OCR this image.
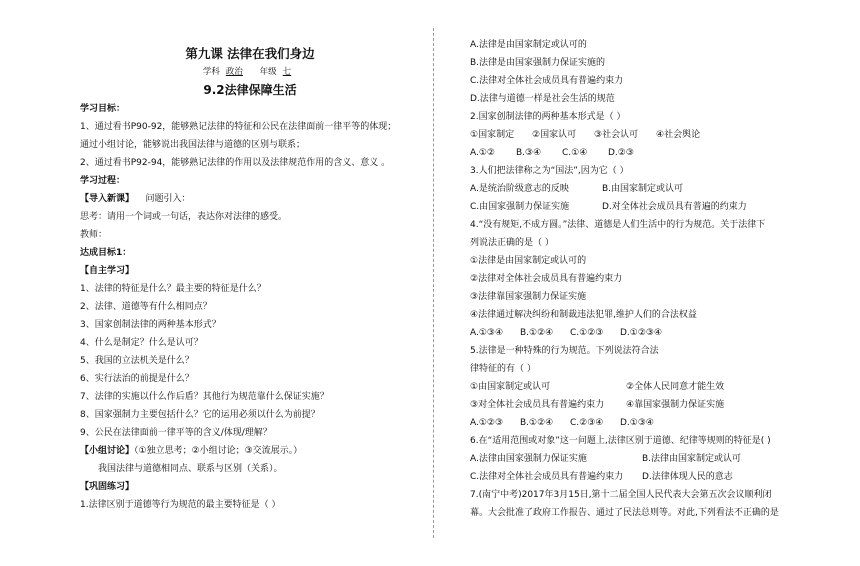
第九课 法律在我们身边
学科 政治 年级 七
9.2法律保障生活
学习目标：
1、通过看书P90-92，能够熟记法律的特征和公民在法律面前一律平等的体现；
通过小组讨论，能够说出我国法律与道德的区别与联系；
2、通过看书P92-94，能够熟记法律的作用以及法律规范作用的含义、意义 。
学习过程：
【导入新课】 问题引入：
思考：请用一个词或一句话，表达你对法律的感受。
教师：
达成目标1：
【自主学习】
1、法律的特征是什么？最主要的特征是什么？
2、法律、道德等有什么相同点？
3、国家创制法律的两种基本形式？
4、什么是制定？什么是认可？
5、我国的立法机关是什么？
6、实行法治的前提是什么？
7、法律的实施以什么作后盾？其他行为规范靠什么保证实施？
8、国家强制力主要包括什么？它的运用必须以什么为前提？
9、公民在法律面前一律平等的含义/体现/理解？
【小组讨论】（①独立思考；②小组讨论；③交流展示。）
我国法律与道德相同点、联系与区别（关系）。
【巩固练习】
1.法律区别于道德等行为规范的最主要特征是（ ）
A.法律是由国家制定或认可的
B.法律是由国家强制力保证实施的
C.法律对全体社会成员具有普遍约束力
D.法律与道德一样是社会生活的规范
2.国家创制法律的两种基本形式是（ ）
①国家制定	②国家认可	③社会认可	④社会舆论
A.①②	B.③④	C.①④	D.②③
3.人们把法律称之为“国法”,因为它（ ）
A.是统治阶级意志的反映	B.由国家制定或认可
C.由国家强制力保证实施	D.对全体社会成员具有普遍的约束力
4.“没有规矩,不成方圆。”法律、道德是人们生活中的行为规范。关于法律下
列说法正确的是（ ）
①法律是由国家制定或认可的
②法律对全体社会成员具有普遍约束力
③法律靠国家强制力保证实施
④法律通过解决纠纷和制裁违法犯罪,维护人们的合法权益
A.①③④	B.①②④	C.①②③	D.①②③④
5.法律是一种特殊的行为规范。下列说法符合法
律特征的有（ ）
①由国家制定或认可	②全体人民同意才能生效
③对全体社会成员具有普遍约束力	④靠国家强制力保证实施
A.①②③	B.①②④	C.②③④	D.①③④
6.在“适用范围或对象”这一问题上,法律区别于道德、纪律等规则的特征是( )
A.法律由国家强制力保证实施	B.法律由国家制定或认可
C.法律对全体社会成员具有普遍约束力	D.法律体现人民的意志
7.(南宁中考)2017年3月15日,第十二届全国人民代表大会第五次会议顺利闭
幕。大会批准了政府工作报告、通过了民法总则等。对此,下列看法不正确的是
